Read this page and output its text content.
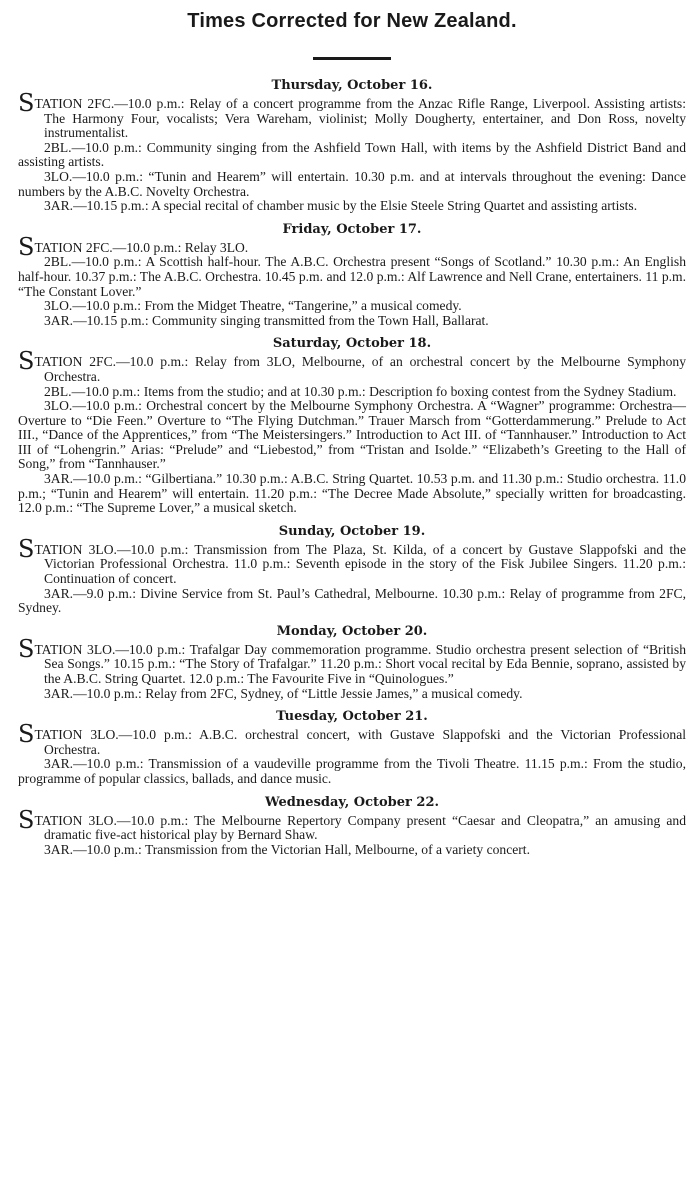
Times Corrected for New Zealand.
Thursday, October 16.

STATION 2FC.—10.0 p.m.: Relay of a concert programme from the Anzac Rifle Range, Liverpool. Assisting artists: The Harmony Four, vocalists; Vera Wareham, violinist; Molly Dougherty, entertainer, and Don Ross, novelty instrumentalist.

2BL.—10.0 p.m.: Community singing from the Ashfield Town Hall, with items by the Ashfield District Band and assisting artists.

3LO.—10.0 p.m.: “Tunin and Hearem” will entertain. 10.30 p.m. and at intervals throughout the evening: Dance numbers by the A.B.C. Novelty Orchestra.

3AR.—10.15 p.m.: A special recital of chamber music by the Elsie Steele String Quartet and assisting artists.

Friday, October 17.

STATION 2FC.—10.0 p.m.: Relay 3LO.

2BL.—10.0 p.m.: A Scottish half-hour. The A.B.C. Orchestra present “Songs of Scotland.” 10.30 p.m.: An English half-hour. 10.37 p.m.: The A.B.C. Orchestra. 10.45 p.m. and 12.0 p.m.: Alf Lawrence and Nell Crane, entertainers. 11 p.m. “The Constant Lover.”

3LO.—10.0 p.m.: From the Midget Theatre, “Tangerine,” a musical comedy.

3AR.—10.15 p.m.: Community singing transmitted from the Town Hall, Ballarat.

Saturday, October 18.

STATION 2FC.—10.0 p.m.: Relay from 3LO, Melbourne, of an orchestral concert by the Melbourne Symphony Orchestra.

2BL.—10.0 p.m.: Items from the studio; and at 10.30 p.m.: Description fo boxing contest from the Sydney Stadium.

3LO.—10.0 p.m.: Orchestral concert by the Melbourne Symphony Orchestra. A “Wagner” programme: Orchestra—Overture to “Die Feen.” Overture to “The Flying Dutchman.” Trauer Marsch from “Gotterdammerung.” Prelude to Act III., “Dance of the Apprentices,” from “The Meistersingers.” Introduction to Act III. of “Tannhauser.” Introduction to Act III of “Lohengrin.” Arias: “Prelude” and “Liebestod,” from “Tristan and Isolde.” “Elizabeth’s Greeting to the Hall of Song,” from “Tannhauser.”

3AR.—10.0 p.m.: “Gilbertiana.” 10.30 p.m.: A.B.C. String Quartet. 10.53 p.m. and 11.30 p.m.: Studio orchestra. 11.0 p.m.; “Tunin and Hearem” will entertain. 11.20 p.m.: “The Decree Made Absolute,” specially written for broadcasting. 12.0 p.m.: “The Supreme Lover,” a musical sketch.

Sunday, October 19.

STATION 3LO.—10.0 p.m.: Transmission from The Plaza, St. Kilda, of a concert by Gustave Slappofski and the Victorian Professional Orchestra. 11.0 p.m.: Seventh episode in the story of the Fisk Jubilee Singers. 11.20 p.m.: Continuation of concert.

3AR.—9.0 p.m.: Divine Service from St. Paul’s Cathedral, Melbourne. 10.30 p.m.: Relay of programme from 2FC, Sydney.

Monday, October 20.

STATION 3LO.—10.0 p.m.: Trafalgar Day commemoration programme. Studio orchestra present selection of “British Sea Songs.” 10.15 p.m.: “The Story of Trafalgar.” 11.20 p.m.: Short vocal recital by Eda Bennie, soprano, assisted by the A.B.C. String Quartet. 12.0 p.m.: The Favourite Five in “Quinologues.”

3AR.—10.0 p.m.: Relay from 2FC, Sydney, of “Little Jessie James,” a musical comedy.

Tuesday, October 21.

STATION 3LO.—10.0 p.m.: A.B.C. orchestral concert, with Gustave Slappofski and the Victorian Professional Orchestra.

3AR.—10.0 p.m.: Transmission of a vaudeville programme from the Tivoli Theatre. 11.15 p.m.: From the studio, programme of popular classics, ballads, and dance music.

Wednesday, October 22.

STATION 3LO.—10.0 p.m.: The Melbourne Repertory Company present “Caesar and Cleopatra,” an amusing and dramatic five-act historical play by Bernard Shaw.

3AR.—10.0 p.m.: Transmission from the Victorian Hall, Melbourne, of a variety concert.
